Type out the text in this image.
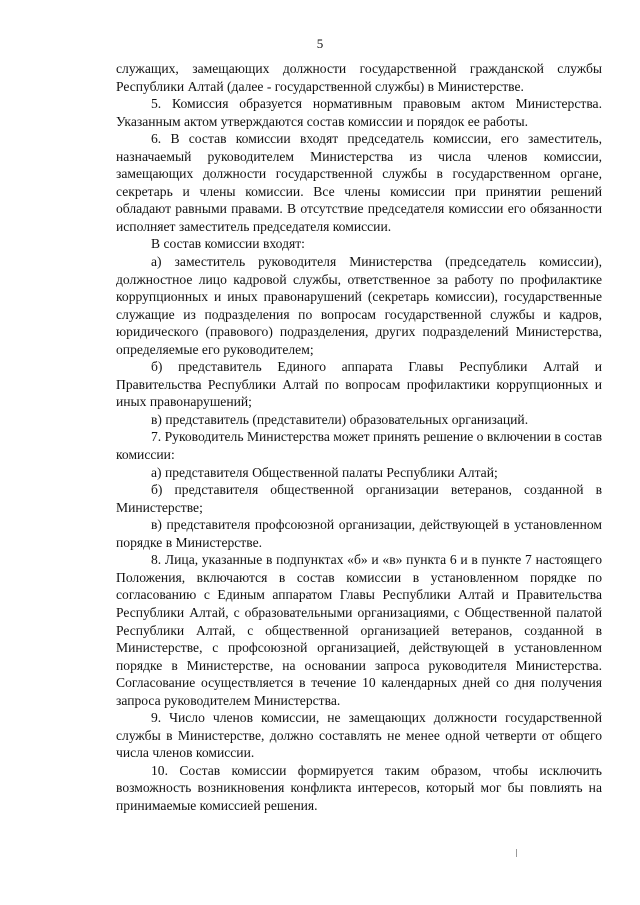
5

служащих, замещающих должности государственной гражданской службы Республики Алтай (далее - государственной службы) в Министерстве.

5. Комиссия образуется нормативным правовым актом Министерства. Указанным актом утверждаются состав комиссии и порядок ее работы.

6. В состав комиссии входят председатель комиссии, его заместитель, назначаемый руководителем Министерства из числа членов комиссии, замещающих должности государственной службы в государственном органе, секретарь и члены комиссии. Все члены комиссии при принятии решений обладают равными правами. В отсутствие председателя комиссии его обязанности исполняет заместитель председателя комиссии.

В состав комиссии входят:

а) заместитель руководителя Министерства (председатель комиссии), должностное лицо кадровой службы, ответственное за работу по профилактике коррупционных и иных правонарушений (секретарь комиссии), государственные служащие из подразделения по вопросам государственной службы и кадров, юридического (правового) подразделения, других подразделений Министерства, определяемые его руководителем;

б) представитель Единого аппарата Главы Республики Алтай и Правительства Республики Алтай по вопросам профилактики коррупционных и иных правонарушений;

в) представитель (представители) образовательных организаций.

7. Руководитель Министерства может принять решение о включении в состав комиссии:

а) представителя Общественной палаты Республики Алтай;

б) представителя общественной организации ветеранов, созданной в Министерстве;

в) представителя профсоюзной организации, действующей в установленном порядке в Министерстве.

8. Лица, указанные в подпунктах «б» и «в» пункта 6 и в пункте 7 настоящего Положения, включаются в состав комиссии в установленном порядке по согласованию с Единым аппаратом Главы Республики Алтай и Правительства Республики Алтай, с образовательными организациями, с Общественной палатой Республики Алтай, с общественной организацией ветеранов, созданной в Министерстве, с профсоюзной организацией, действующей в установленном порядке в Министерстве, на основании запроса руководителя Министерства. Согласование осуществляется в течение 10 календарных дней со дня получения запроса руководителем Министерства.

9. Число членов комиссии, не замещающих должности государственной службы в Министерстве, должно составлять не менее одной четверти от общего числа членов комиссии.

10. Состав комиссии формируется таким образом, чтобы исключить возможность возникновения конфликта интересов, который мог бы повлиять на принимаемые комиссией решения.
